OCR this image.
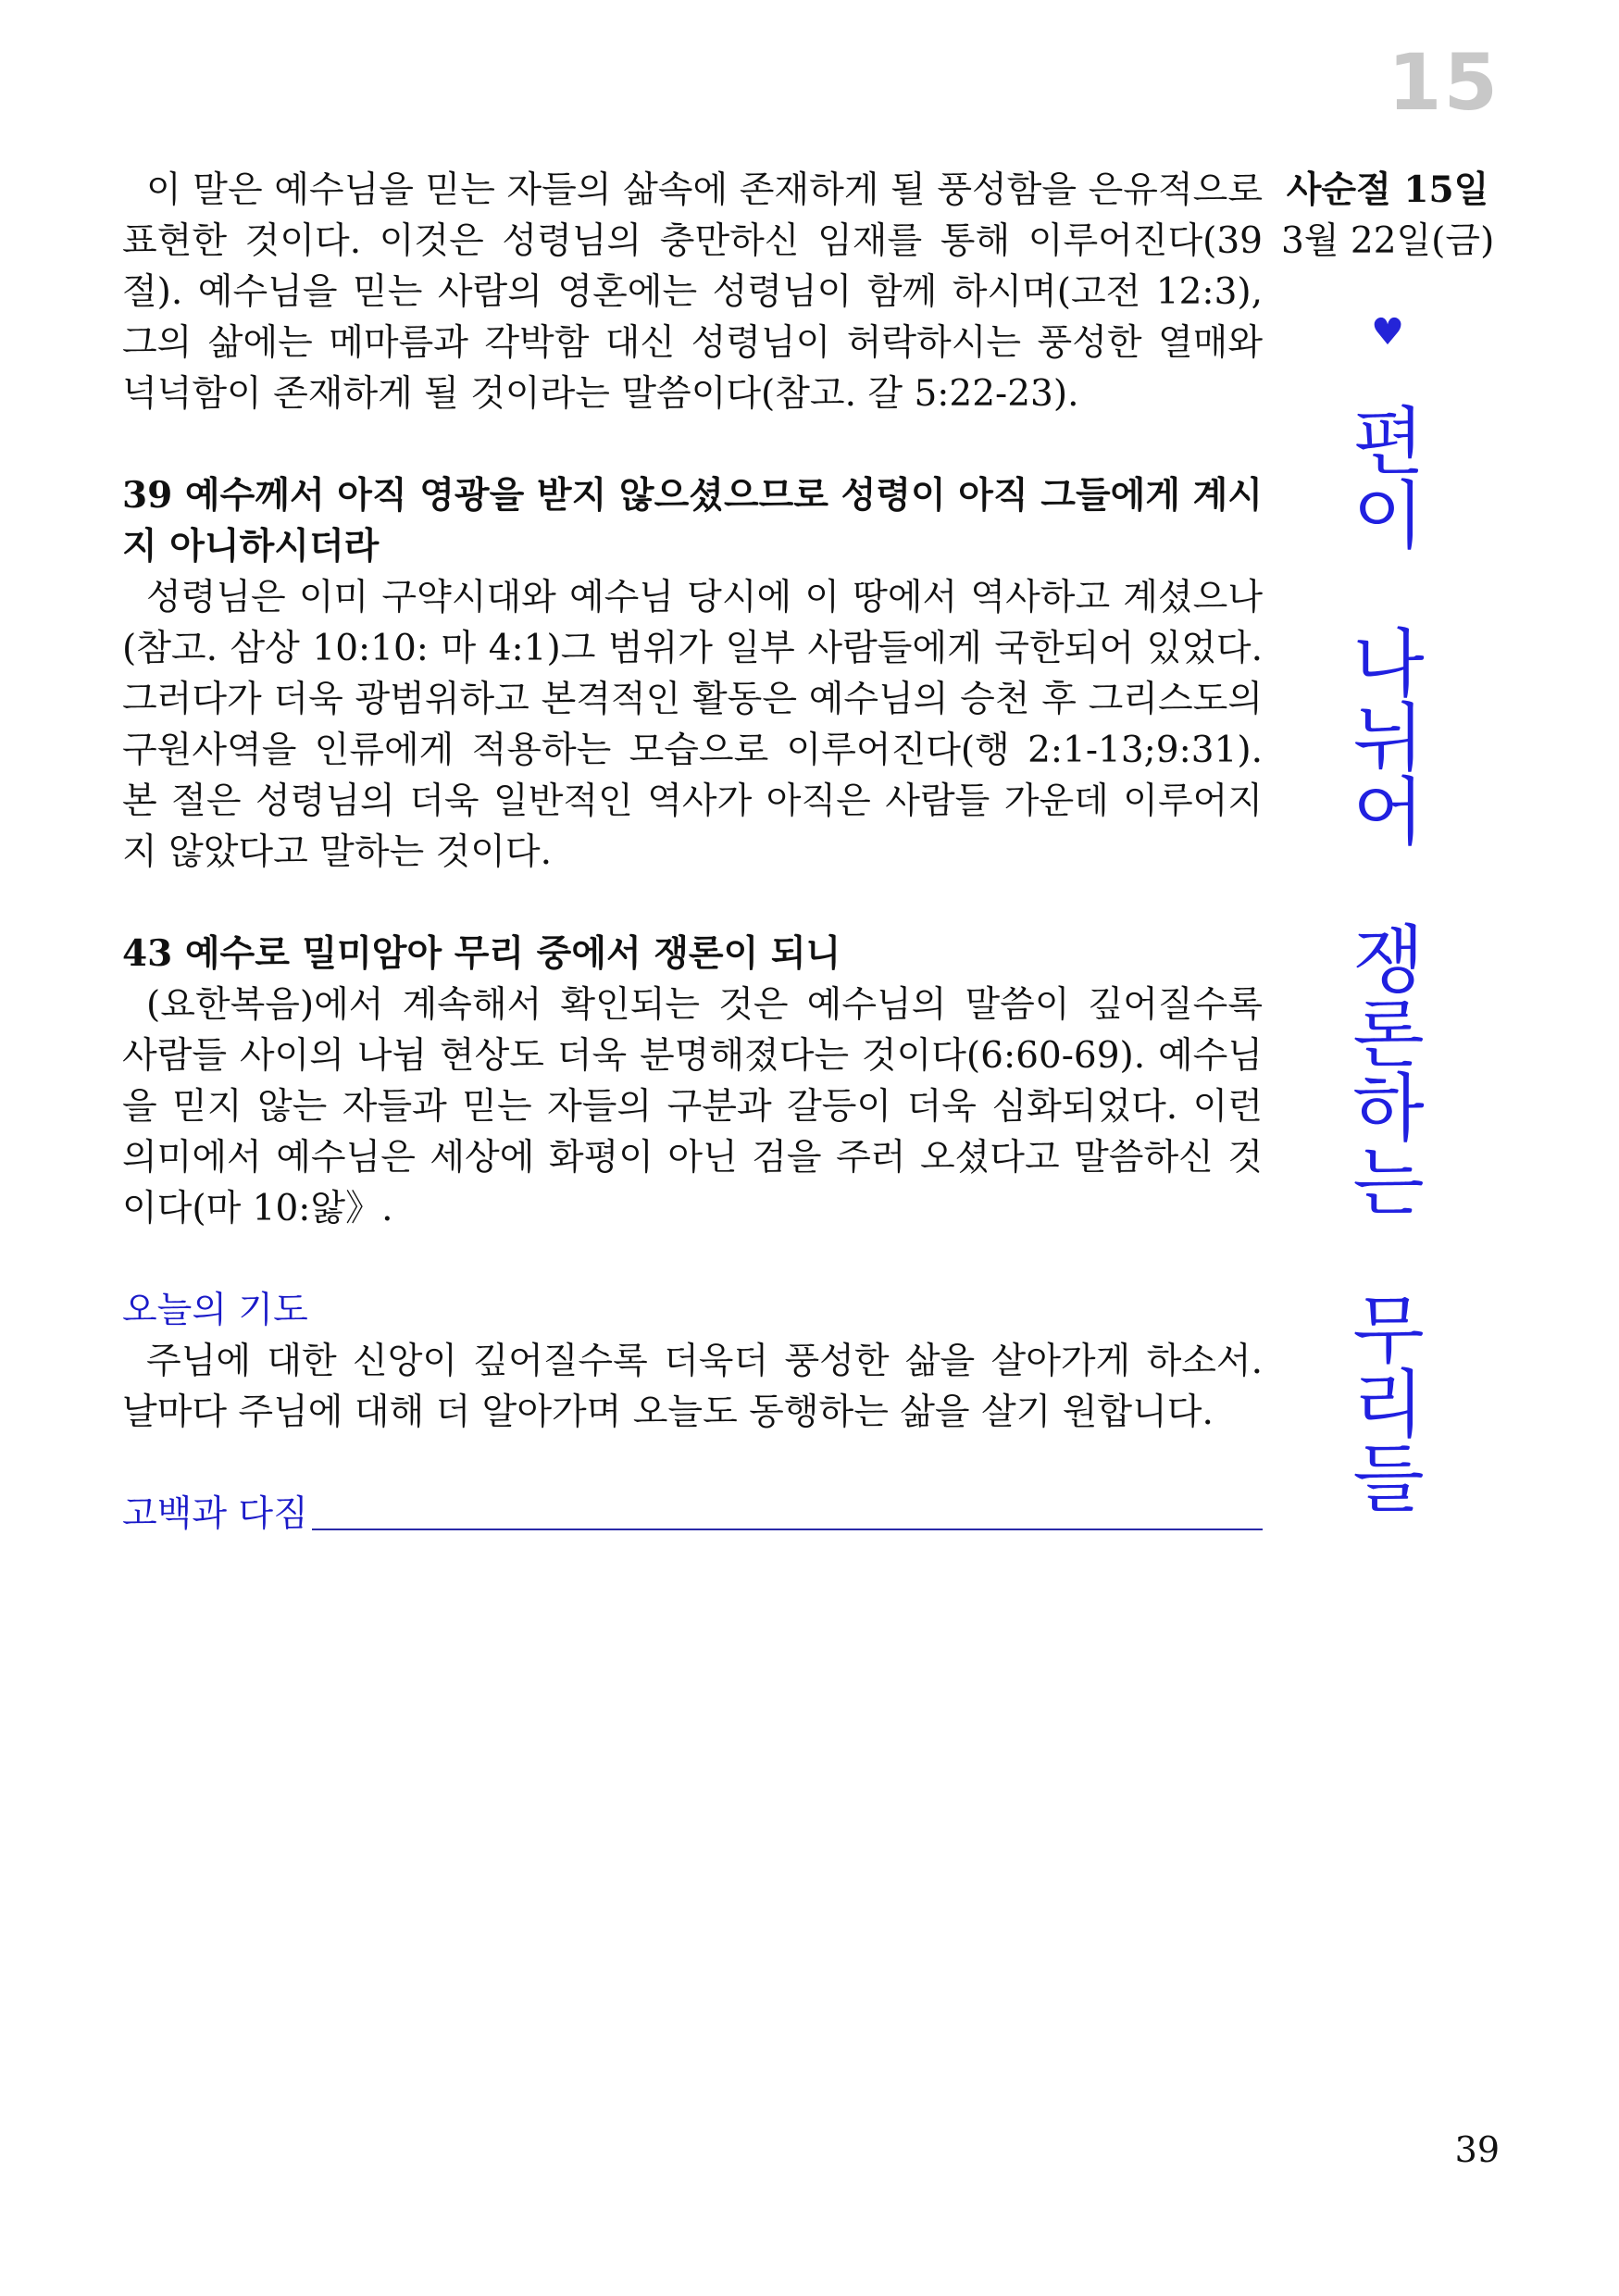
15

이 말은 예수님을 믿는 자들의 삶속에 존재하게 될 풍성함을 은유적으로 표현한 것이다. 이것은 성령님의 충만하신 임재를 통해 이루어진다(39절). 예수님을 믿는 사람의 영혼에는 성령님이 함께 하시며(고전 12:3), 그의 삶에는 메마름과 각박함 대신 성령님이 허락하시는 풍성한 열매와 넉넉함이 존재하게 될 것이라는 말씀이다(참고. 갈 5:22-23).

39 예수께서 아직 영광을 받지 않으셨으므로 성령이 아직 그들에게 계시지 아니하시더라

성령님은 이미 구약시대와 예수님 당시에 이 땅에서 역사하고 계셨으나(참고. 삼상 10:10: 마 4:1)그 범위가 일부 사람들에게 국한되어 있었다. 그러다가 더욱 광범위하고 본격적인 활동은 예수님의 승천 후 그리스도의 구원사역을 인류에게 적용하는 모습으로 이루어진다(행 2:1-13;9:31). 본 절은 성령님의 더욱 일반적인 역사가 아직은 사람들 가운데 이루어지지 않았다고 말하는 것이다.

43 예수로 밀미암아 무리 중에서 쟁론이 되니

(요한복음)에서 계속해서 확인되는 것은 예수님의 말씀이 깊어질수록 사람들 사이의 나뉨 현상도 더욱 분명해졌다는 것이다(6:60-69). 예수님을 믿지 않는 자들과 믿는 자들의 구분과 갈등이 더욱 심화되었다. 이런 의미에서 예수님은 세상에 화평이 아닌 검을 주러 오셨다고 말씀하신 것이다(마 10:앓》.

오늘의 기도

주님에 대한 신앙이 깊어질수록 더욱더 풍성한 삶을 살아가게 하소서. 날마다 주님에 대해 더 알아가며 오늘도 동행하는 삶을 살기 원합니다.

고백과 다짐
사순절 15일
3월 22일(금)
♥
편
이
나
뉘
어
쟁
론
하
는
무
리
들
39
